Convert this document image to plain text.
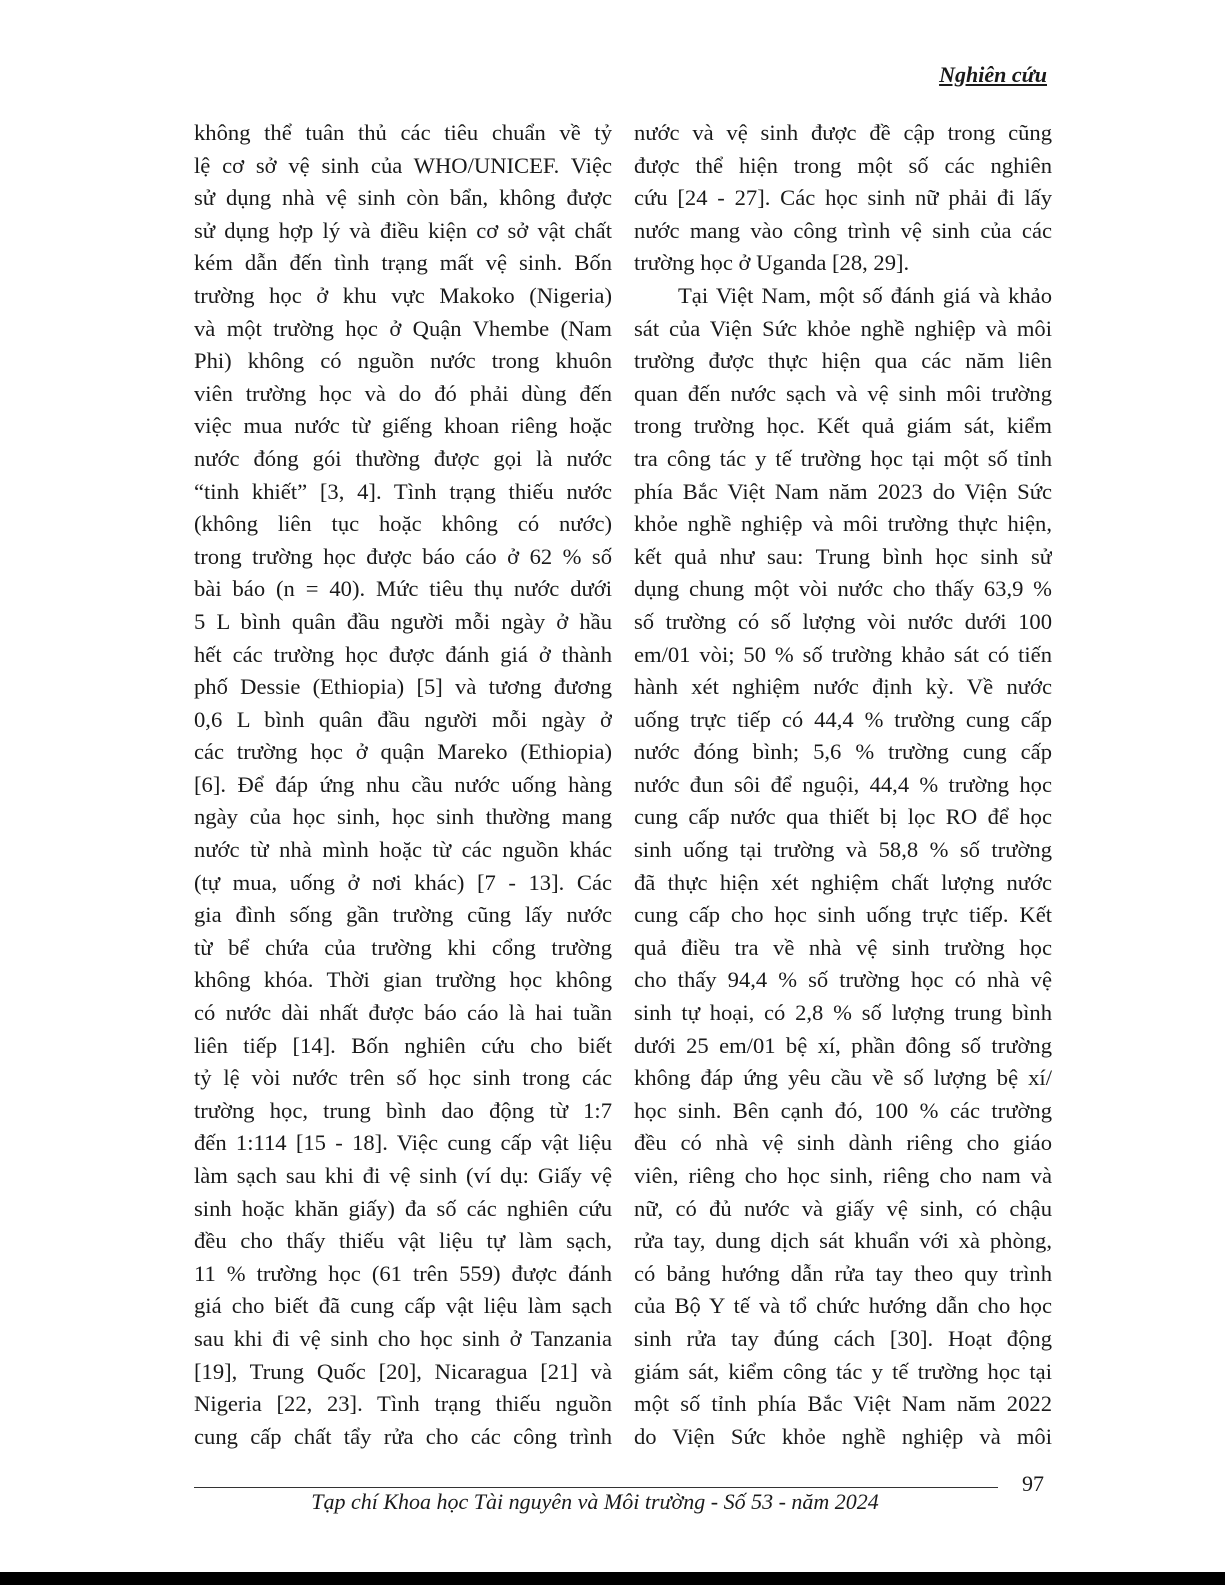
Nghiên cứu
không thể tuân thủ các tiêu chuẩn về tỷ
lệ cơ sở vệ sinh của WHO/UNICEF. Việc
sử dụng nhà vệ sinh còn bẩn, không được
sử dụng hợp lý và điều kiện cơ sở vật chất
kém dẫn đến tình trạng mất vệ sinh. Bốn
trường học ở khu vực Makoko (Nigeria)
và một trường học ở Quận Vhembe (Nam
Phi) không có nguồn nước trong khuôn
viên trường học và do đó phải dùng đến
việc mua nước từ giếng khoan riêng hoặc
nước đóng gói thường được gọi là nước
“tinh khiết” [3, 4]. Tình trạng thiếu nước
(không liên tục hoặc không có nước)
trong trường học được báo cáo ở 62 % số
bài báo (n = 40). Mức tiêu thụ nước dưới
5 L bình quân đầu người mỗi ngày ở hầu
hết các trường học được đánh giá ở thành
phố Dessie (Ethiopia) [5] và tương đương
0,6 L bình quân đầu người mỗi ngày ở
các trường học ở quận Mareko (Ethiopia)
[6]. Để đáp ứng nhu cầu nước uống hàng
ngày của học sinh, học sinh thường mang
nước từ nhà mình hoặc từ các nguồn khác
(tự mua, uống ở nơi khác) [7 - 13]. Các
gia đình sống gần trường cũng lấy nước
từ bể chứa của trường khi cổng trường
không khóa. Thời gian trường học không
có nước dài nhất được báo cáo là hai tuần
liên tiếp [14]. Bốn nghiên cứu cho biết
tỷ lệ vòi nước trên số học sinh trong các
trường học, trung bình dao động từ 1:7
đến 1:114 [15 - 18]. Việc cung cấp vật liệu
làm sạch sau khi đi vệ sinh (ví dụ: Giấy vệ
sinh hoặc khăn giấy) đa số các nghiên cứu
đều cho thấy thiếu vật liệu tự làm sạch,
11 % trường học (61 trên 559) được đánh
giá cho biết đã cung cấp vật liệu làm sạch
sau khi đi vệ sinh cho học sinh ở Tanzania
[19], Trung Quốc [20], Nicaragua [21] và
Nigeria [22, 23]. Tình trạng thiếu nguồn
cung cấp chất tẩy rửa cho các công trình
nước và vệ sinh được đề cập trong cũng
được thể hiện trong một số các nghiên
cứu [24 - 27]. Các học sinh nữ phải đi lấy
nước mang vào công trình vệ sinh của các
trường học ở Uganda [28, 29].
Tại Việt Nam, một số đánh giá và khảo
sát của Viện Sức khỏe nghề nghiệp và môi
trường được thực hiện qua các năm liên
quan đến nước sạch và vệ sinh môi trường
trong trường học. Kết quả giám sát, kiểm
tra công tác y tế trường học tại một số tỉnh
phía Bắc Việt Nam năm 2023 do Viện Sức
khỏe nghề nghiệp và môi trường thực hiện,
kết quả như sau: Trung bình học sinh sử
dụng chung một vòi nước cho thấy 63,9 %
số trường có số lượng vòi nước dưới 100
em/01 vòi; 50 % số trường khảo sát có tiến
hành xét nghiệm nước định kỳ. Về nước
uống trực tiếp có 44,4 % trường cung cấp
nước đóng bình; 5,6 % trường cung cấp
nước đun sôi để nguội, 44,4 % trường học
cung cấp nước qua thiết bị lọc RO để học
sinh uống tại trường và 58,8 % số trường
đã thực hiện xét nghiệm chất lượng nước
cung cấp cho học sinh uống trực tiếp. Kết
quả điều tra về nhà vệ sinh trường học
cho thấy 94,4 % số trường học có nhà vệ
sinh tự hoại, có 2,8 % số lượng trung bình
dưới 25 em/01 bệ xí, phần đông số trường
không đáp ứng yêu cầu về số lượng bệ xí/
học sinh. Bên cạnh đó, 100 % các trường
đều có nhà vệ sinh dành riêng cho giáo
viên, riêng cho học sinh, riêng cho nam và
nữ, có đủ nước và giấy vệ sinh, có chậu
rửa tay, dung dịch sát khuẩn với xà phòng,
có bảng hướng dẫn rửa tay theo quy trình
của Bộ Y tế và tổ chức hướng dẫn cho học
sinh rửa tay đúng cách [30]. Hoạt động
giám sát, kiểm công tác y tế trường học tại
một số tỉnh phía Bắc Việt Nam năm 2022
do Viện Sức khỏe nghề nghiệp và môi
97
Tạp chí Khoa học Tài nguyên và Môi trường - Số 53 - năm 2024
